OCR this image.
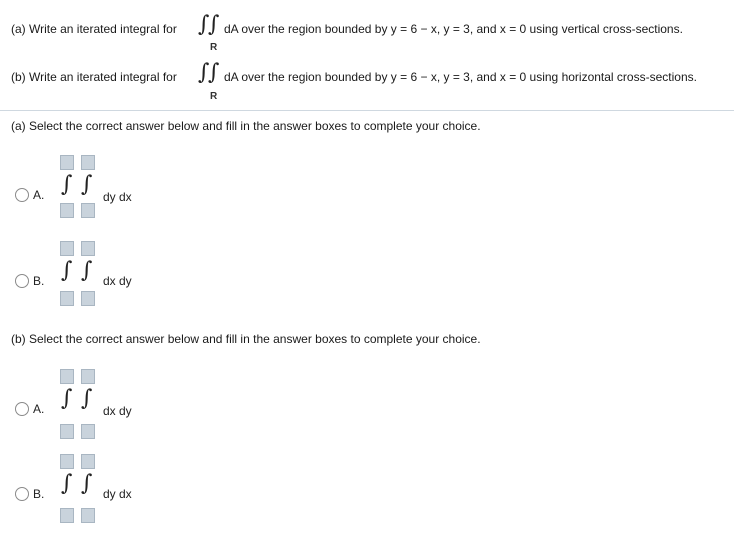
(a) Write an iterated integral for ∫
∫
R
dA over the region bounded by y = 6 − x, y = 3, and x = 0 using vertical cross-sections.
(b) Write an iterated integral for ∫
∫
R
dA over the region bounded by y = 6 − x, y = 3, and x = 0 using horizontal cross-sections.
(a) Select the correct answer below and fill in the answer boxes to complete your choice.
A. ∫ ∫ dy dx
B. ∫ ∫ dx dy
(b) Select the correct answer below and fill in the answer boxes to complete your choice.
A. ∫ ∫ dx dy
B. ∫ ∫ dy dx
